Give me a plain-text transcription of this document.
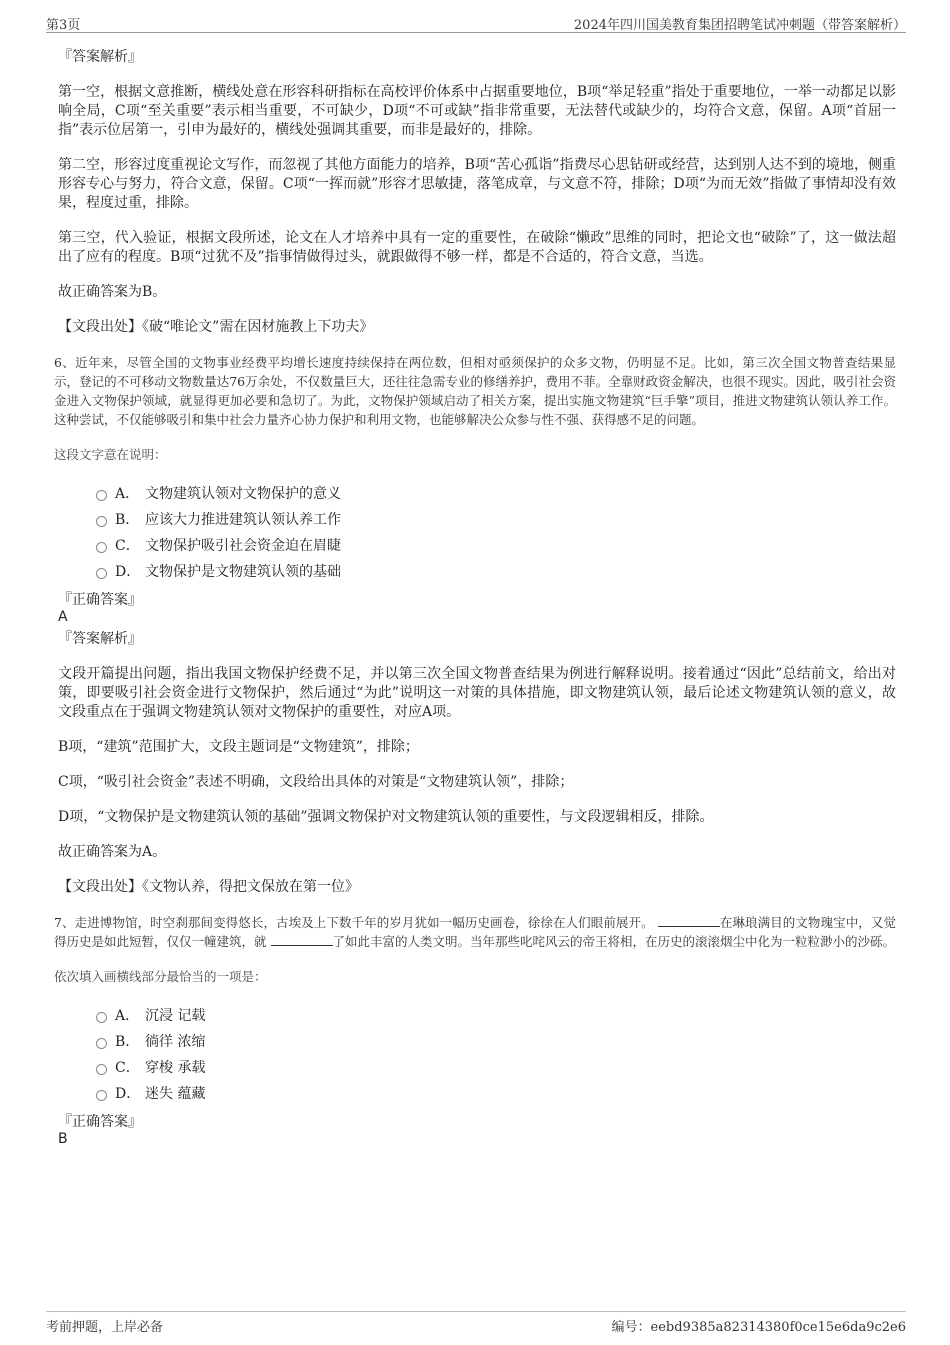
第3页	2024年四川国美教育集团招聘笔试冲刺题（带答案解析）

『答案解析』

第一空，根据文意推断，横线处意在形容科研指标在高校评价体系中占据重要地位，B项“举足轻重”指处于重要地位，一举一动都足以影响全局，C项“至关重要”表示相当重要，不可缺少，D项“不可或缺”指非常重要，无法替代或缺少的，均符合文意，保留。A项“首屈一指”表示位居第一，引申为最好的，横线处强调其重要，而非是最好的，排除。

第二空，形容过度重视论文写作，而忽视了其他方面能力的培养，B项“苦心孤诣”指费尽心思钻研或经营，达到别人达不到的境地，侧重形容专心与努力，符合文意，保留。C项“一挥而就”形容才思敏捷，落笔成章，与文意不符，排除；D项“为而无效”指做了事情却没有效果，程度过重，排除。

第三空，代入验证，根据文段所述，论文在人才培养中具有一定的重要性，在破除“懒政”思维的同时，把论文也“破除”了，这一做法超出了应有的程度。B项“过犹不及”指事情做得过头，就跟做得不够一样，都是不合适的，符合文意，当选。

故正确答案为B。

【文段出处】《破“唯论文”需在因材施教上下功夫》

6、近年来，尽管全国的文物事业经费平均增长速度持续保持在两位数，但相对亟须保护的众多文物，仍明显不足。比如，第三次全国文物普查结果显示，登记的不可移动文物数量达76万余处，不仅数量巨大，还往往急需专业的修缮养护，费用不菲。全靠财政资金解决，也很不现实。因此，吸引社会资金进入文物保护领域，就显得更加必要和急切了。为此，文物保护领域启动了相关方案，提出实施文物建筑“巨手擎”项目，推进文物建筑认领认养工作。这种尝试，不仅能够吸引和集中社会力量齐心协力保护和利用文物，也能够解决公众参与性不强、获得感不足的问题。

这段文字意在说明：

A． 文物建筑认领对文物保护的意义
B． 应该大力推进建筑认领认养工作
C． 文物保护吸引社会资金迫在眉睫
D． 文物保护是文物建筑认领的基础

『正确答案』

A

『答案解析』

文段开篇提出问题，指出我国文物保护经费不足，并以第三次全国文物普查结果为例进行解释说明。接着通过“因此”总结前文，给出对策，即要吸引社会资金进行文物保护，然后通过“为此”说明这一对策的具体措施，即文物建筑认领，最后论述文物建筑认领的意义，故文段重点在于强调文物建筑认领对文物保护的重要性，对应A项。

B项，“建筑”范围扩大，文段主题词是“文物建筑”，排除；

C项，“吸引社会资金”表述不明确，文段给出具体的对策是“文物建筑认领”，排除；

D项，“文物保护是文物建筑认领的基础”强调文物保护对文物建筑认领的重要性，与文段逻辑相反，排除。

故正确答案为A。

【文段出处】《文物认养，得把文保放在第一位》

7、走进博物馆，时空刹那间变得悠长，古埃及上下数千年的岁月犹如一幅历史画卷，徐徐在人们眼前展开。	在琳琅满目的文物瑰宝中，又觉得历史是如此短暂，仅仅一幢建筑，就	了如此丰富的人类文明。当年那些叱咤风云的帝王将相，在历史的滚滚烟尘中化为一粒粒渺小的沙砾。

依次填入画横线部分最恰当的一项是：

A． 沉浸 记载
B． 徜徉 浓缩
C． 穿梭 承载
D． 迷失 蕴藏

『正确答案』

B

考前押题，上岸必备	编号：eebd9385a82314380f0ce15e6da9c2e6
